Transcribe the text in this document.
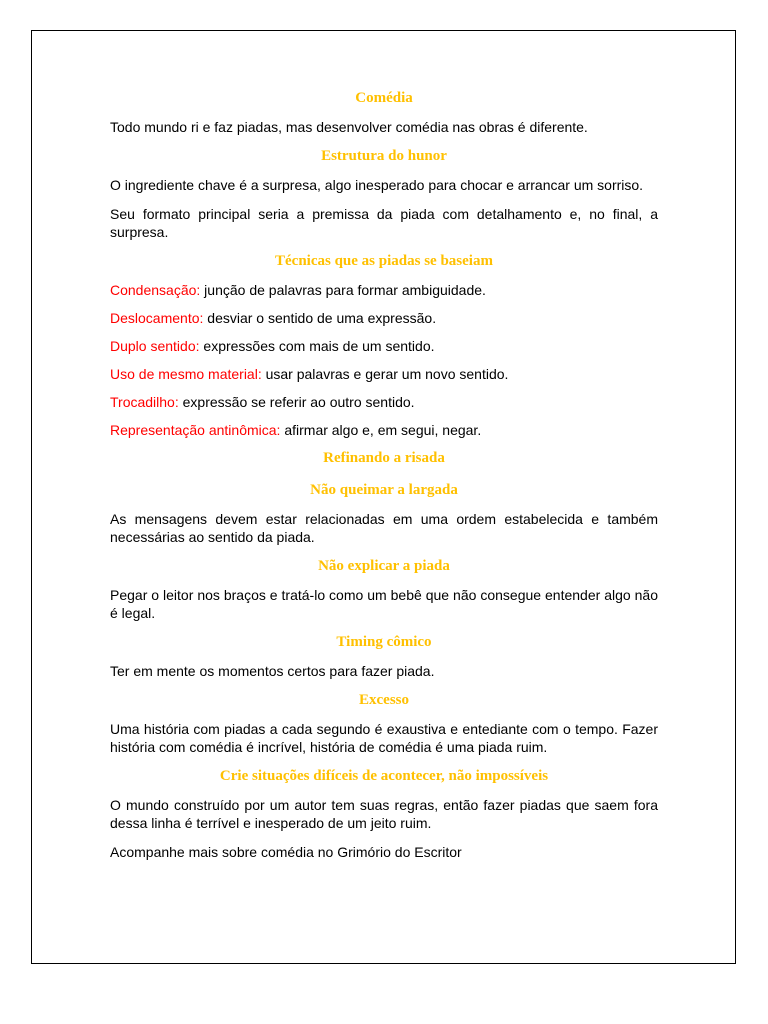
Comédia

Todo mundo ri e faz piadas, mas desenvolver comédia nas obras é diferente.

Estrutura do hunor

O ingrediente chave é a surpresa, algo inesperado para chocar e arrancar um sorriso.

Seu formato principal seria a premissa da piada com detalhamento e, no final, a surpresa.

Técnicas que as piadas se baseiam

Condensação: junção de palavras para formar ambiguidade.

Deslocamento: desviar o sentido de uma expressão.

Duplo sentido: expressões com mais de um sentido.

Uso de mesmo material: usar palavras e gerar um novo sentido.

Trocadilho: expressão se referir ao outro sentido.

Representação antinômica: afirmar algo e, em segui, negar.

Refinando a risada
Não queimar a largada

As mensagens devem estar relacionadas em uma ordem estabelecida e também necessárias ao sentido da piada.

Não explicar a piada

Pegar o leitor nos braços e tratá-lo como um bebê que não consegue entender algo não é legal.

Timing cômico

Ter em mente os momentos certos para fazer piada.

Excesso

Uma história com piadas a cada segundo é exaustiva e entediante com o tempo. Fazer história com comédia é incrível, história de comédia é uma piada ruim.

Crie situações difíceis de acontecer, não impossíveis

O mundo construído por um autor tem suas regras, então fazer piadas que saem fora dessa linha é terrível e inesperado de um jeito ruim.

Acompanhe mais sobre comédia no Grimório do Escritor
